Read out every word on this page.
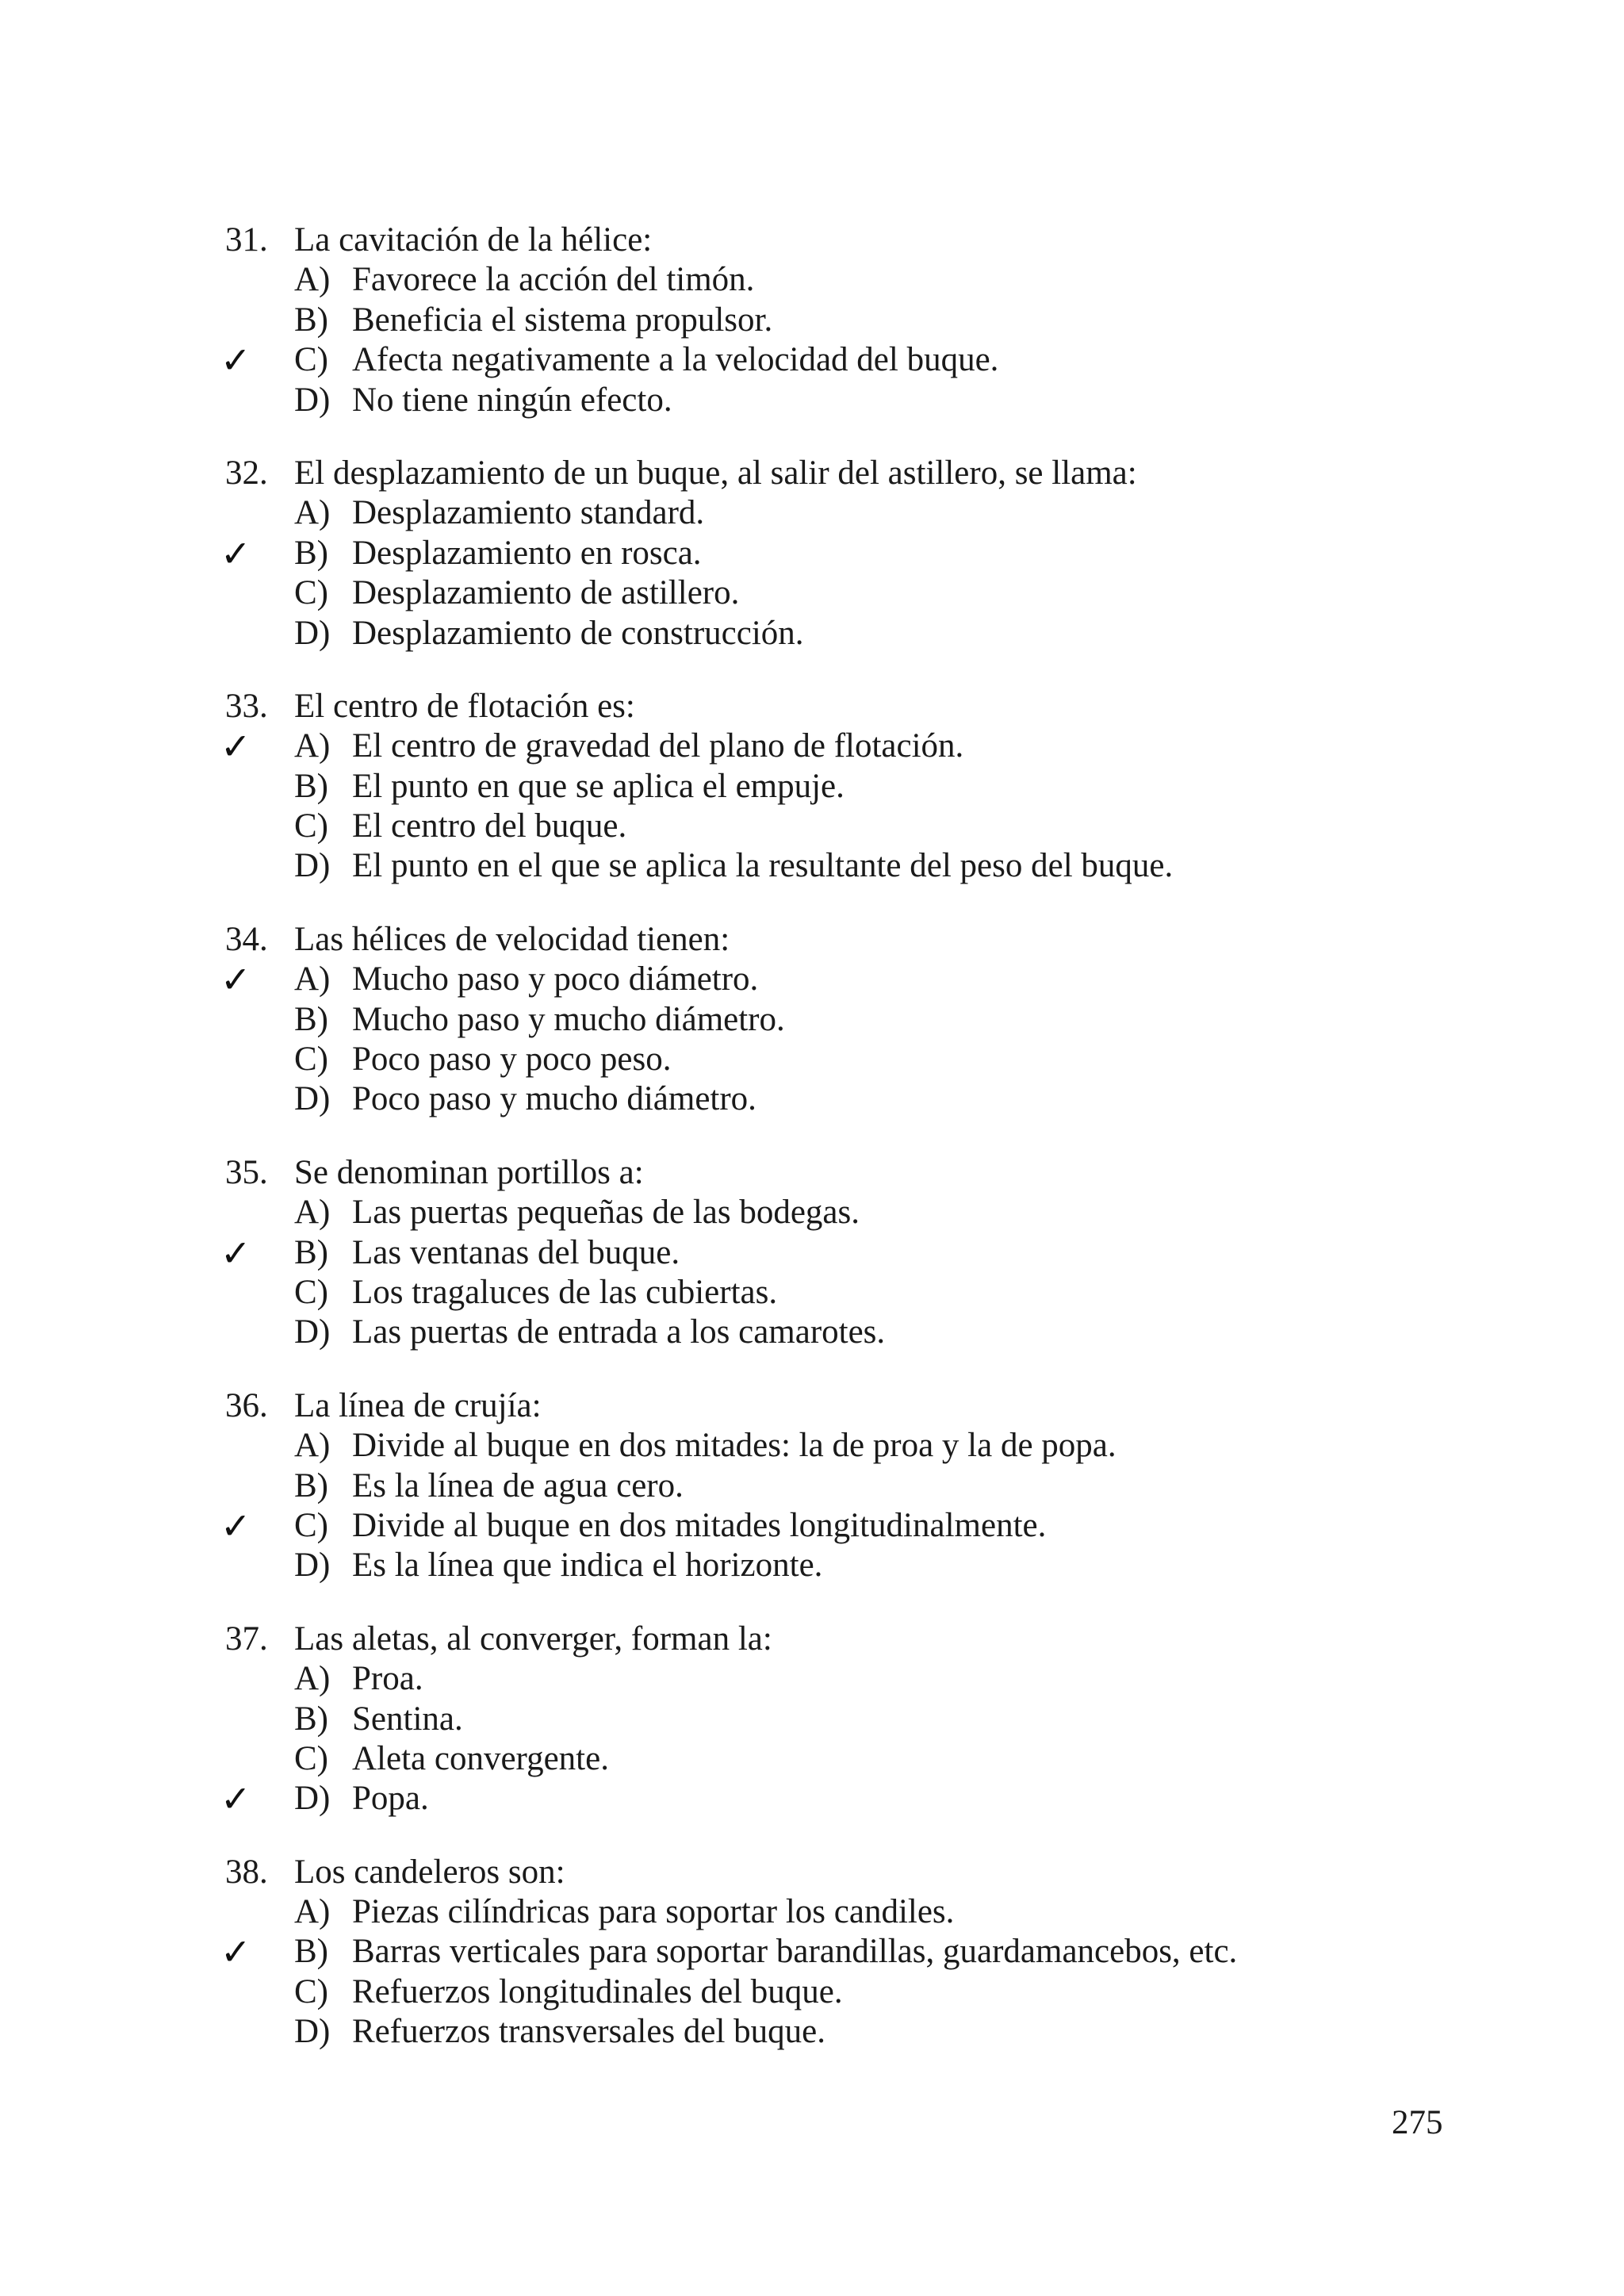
31. La cavitación de la hélice:
A) Favorece la acción del timón.
B) Beneficia el sistema propulsor.
✓ C) Afecta negativamente a la velocidad del buque.
D) No tiene ningún efecto.
32. El desplazamiento de un buque, al salir del astillero, se llama:
A) Desplazamiento standard.
✓ B) Desplazamiento en rosca.
C) Desplazamiento de astillero.
D) Desplazamiento de construcción.
33. El centro de flotación es:
✓ A) El centro de gravedad del plano de flotación.
B) El punto en que se aplica el empuje.
C) El centro del buque.
D) El punto en el que se aplica la resultante del peso del buque.
34. Las hélices de velocidad tienen:
✓ A) Mucho paso y poco diámetro.
B) Mucho paso y mucho diámetro.
C) Poco paso y poco peso.
D) Poco paso y mucho diámetro.
35. Se denominan portillos a:
A) Las puertas pequeñas de las bodegas.
✓ B) Las ventanas del buque.
C) Los tragaluces de las cubiertas.
D) Las puertas de entrada a los camarotes.
36. La línea de crujía:
A) Divide al buque en dos mitades: la de proa y la de popa.
B) Es la línea de agua cero.
✓ C) Divide al buque en dos mitades longitudinalmente.
D) Es la línea que indica el horizonte.
37. Las aletas, al converger, forman la:
A) Proa.
B) Sentina.
C) Aleta convergente.
✓ D) Popa.
38. Los candeleros son:
A) Piezas cilíndricas para soportar los candiles.
✓ B) Barras verticales para soportar barandillas, guardamancebos, etc.
C) Refuerzos longitudinales del buque.
D) Refuerzos transversales del buque.
275
